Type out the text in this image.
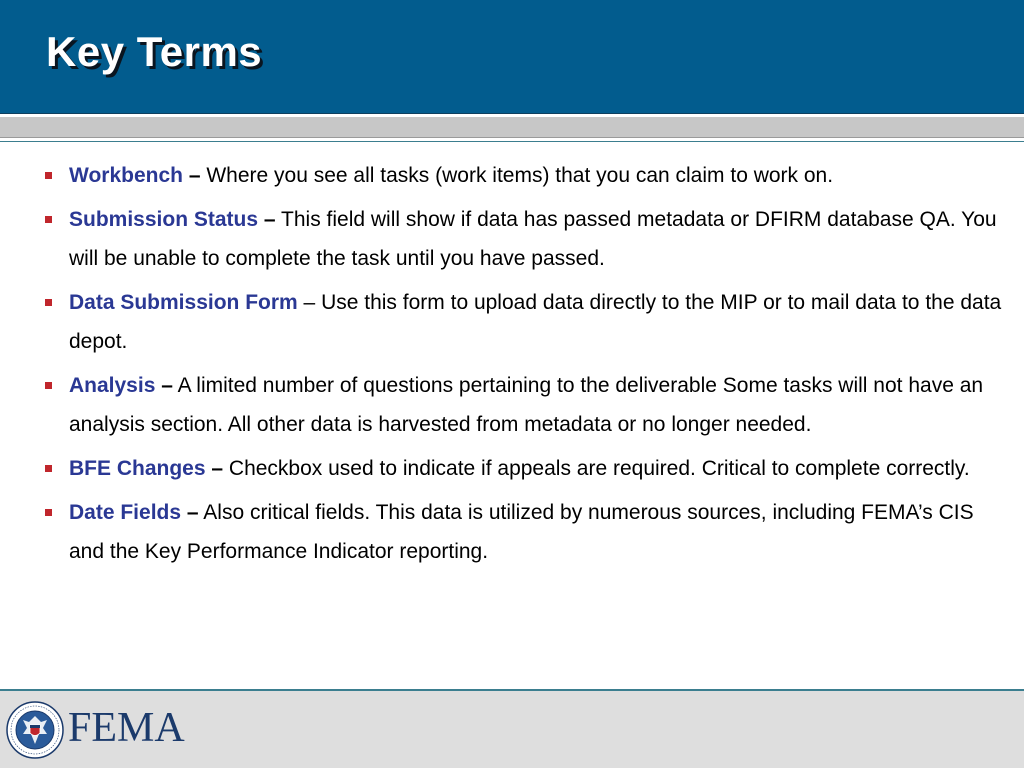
Key Terms
Workbench – Where you see all tasks (work items) that you can claim to work on.
Submission Status – This field will show if data has passed metadata or DFIRM database QA. You will be unable to complete the task until you have passed.
Data Submission Form – Use this form to upload data directly to the MIP or to mail data to the data depot.
Analysis – A limited number of questions pertaining to the deliverable Some tasks will not have an analysis section. All other data is harvested from metadata or no longer needed.
BFE Changes – Checkbox used to indicate if appeals are required. Critical to complete correctly.
Date Fields – Also critical fields. This data is utilized by numerous sources, including FEMA’s CIS and the Key Performance Indicator reporting.
FEMA
